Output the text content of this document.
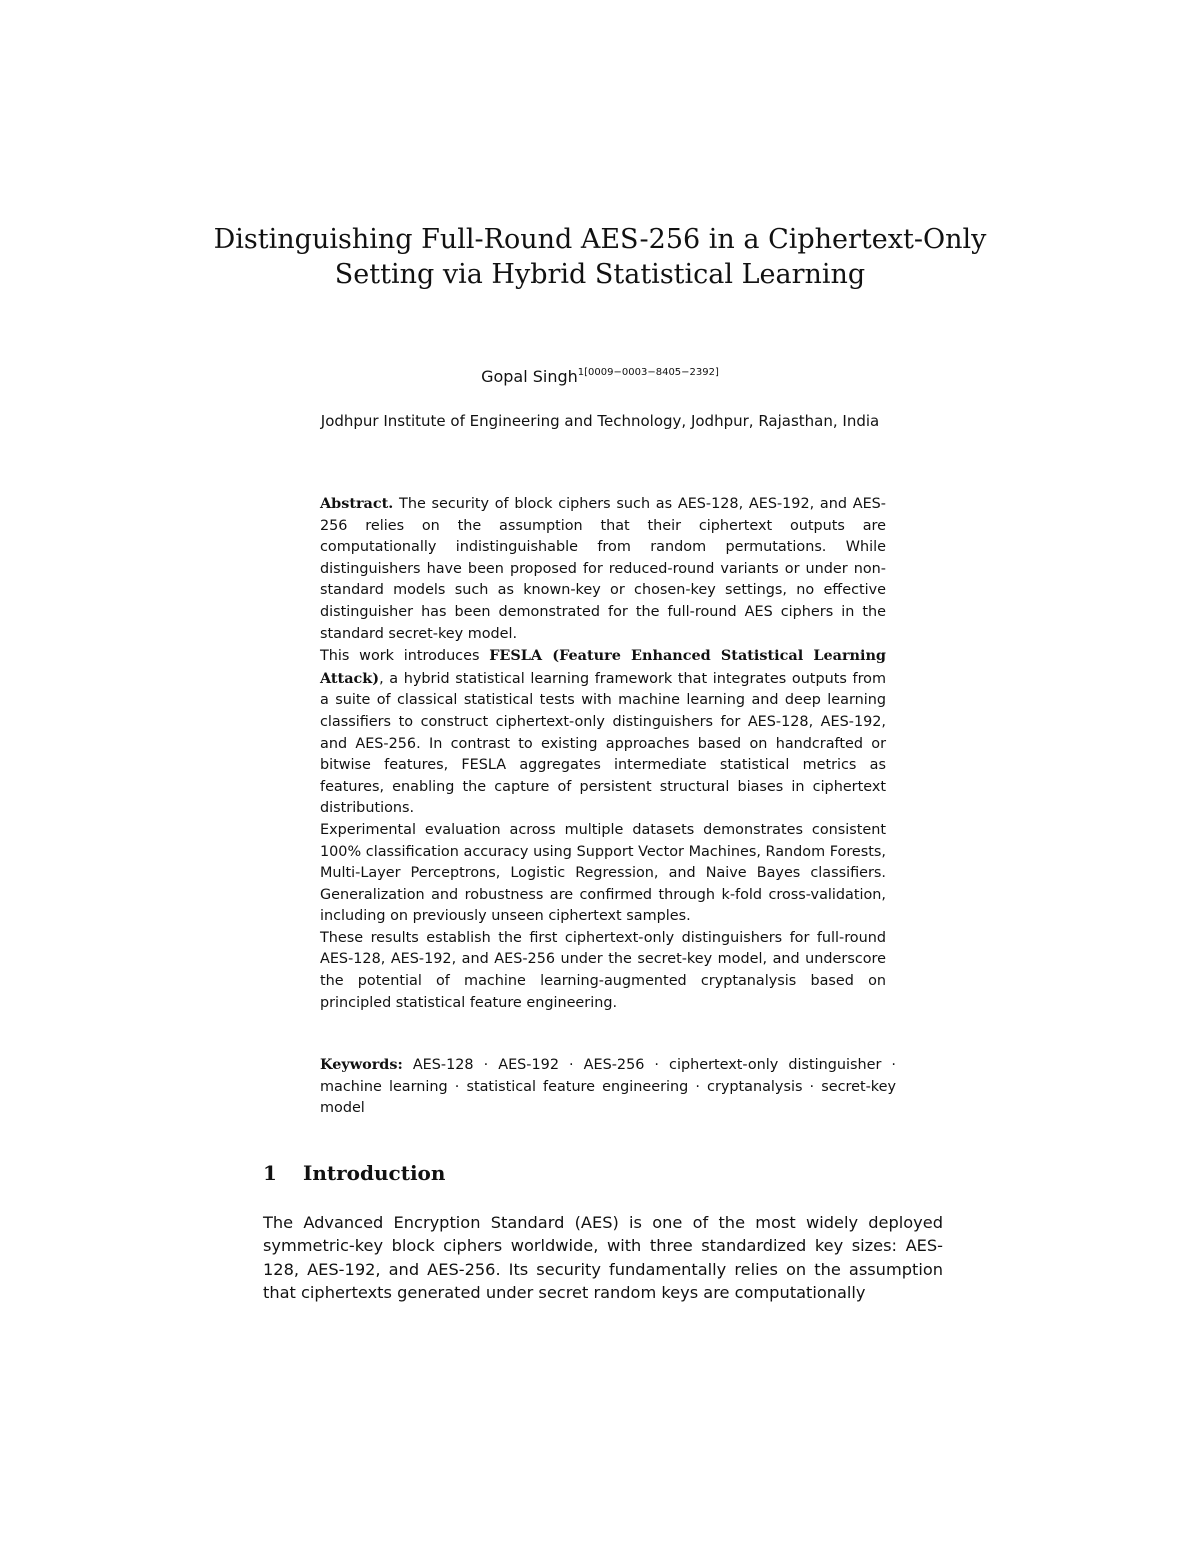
Distinguishing Full-Round AES-256 in a Ciphertext-Only Setting via Hybrid Statistical Learning
Gopal Singh$^{1[0009-0003-8405-2392]}$
Jodhpur Institute of Engineering and Technology, Jodhpur, Rajasthan, India

Abstract. The security of block ciphers such as AES-128, AES-192, and AES-256 relies on the assumption that their ciphertext outputs are computationally indistinguishable from random permutations. While distinguishers have been proposed for reduced-round variants or under non-standard models such as known-key or chosen-key settings, no effective distinguisher has been demonstrated for the full-round AES ciphers in the standard secret-key model.

This work introduces FESLA (Feature Enhanced Statistical Learning Attack), a hybrid statistical learning framework that integrates outputs from a suite of classical statistical tests with machine learning and deep learning classifiers to construct ciphertext-only distinguishers for AES-128, AES-192, and AES-256. In contrast to existing approaches based on handcrafted or bitwise features, FESLA aggregates intermediate statistical metrics as features, enabling the capture of persistent structural biases in ciphertext distributions.

Experimental evaluation across multiple datasets demonstrates consistent 100% classification accuracy using Support Vector Machines, Random Forests, Multi-Layer Perceptrons, Logistic Regression, and Naive Bayes classifiers. Generalization and robustness are confirmed through k-fold cross-validation, including on previously unseen ciphertext samples.

These results establish the first ciphertext-only distinguishers for full-round AES-128, AES-192, and AES-256 under the secret-key model, and underscore the potential of machine learning-augmented cryptanalysis based on principled statistical feature engineering.

Keywords: AES-128 · AES-192 · AES-256 · ciphertext-only distinguisher · machine learning · statistical feature engineering · cryptanalysis · secret-key model
1 Introduction

The Advanced Encryption Standard (AES) is one of the most widely deployed symmetric-key block ciphers worldwide, with three standardized key sizes: AES-128, AES-192, and AES-256. Its security fundamentally relies on the assumption that ciphertexts generated under secret random keys are computationally
